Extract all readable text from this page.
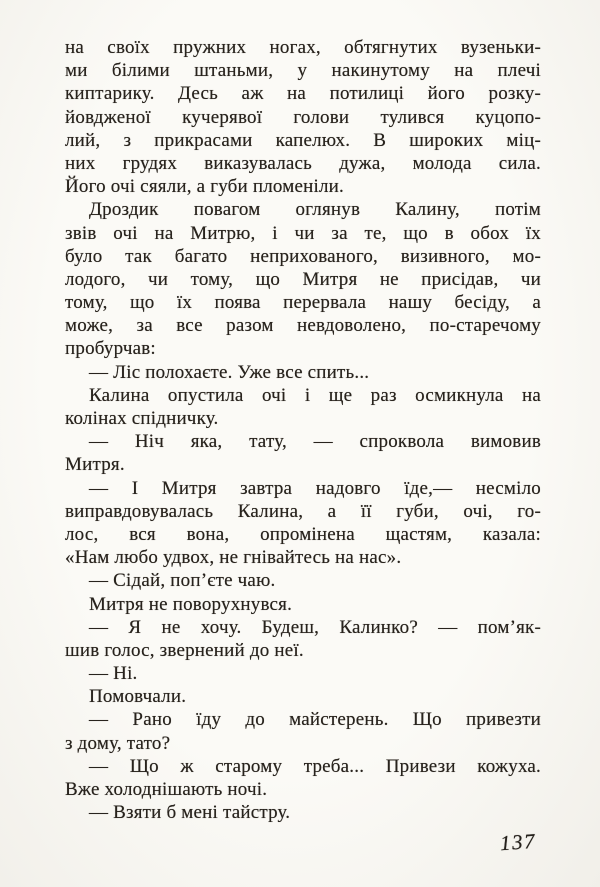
на своїх пружних ногах, обтягнутих вузеньки-
ми білими штаньми, у накинутому на плечі
киптарику. Десь аж на потилиці його розку-
йовдженої кучерявої голови тулився куцопо-
лий, з прикрасами капелюх. В широких міц-
них грудях виказувалась дужа, молода сила.
Його очі сяяли, а губи пломеніли.
Дроздик повагом оглянув Калину, потім
звів очі на Митрю, і чи за те, що в обох їх
було так багато неприхованого, визивного, мо-
лодого, чи тому, що Митря не присідав, чи
тому, що їх поява перервала нашу бесіду, а
може, за все разом невдоволено, по-старечому
пробурчав:
— Ліс полохаєте. Уже все спить...
Калина опустила очі і ще раз осмикнула на
колінах спідничку.
— Ніч яка, тату, — спроквола вимовив
Митря.
— І Митря завтра надовго їде,— несміло
виправдовувалась Калина, а її губи, очі, го-
лос, вся вона, опромінена щастям, казала:
«Нам любо удвох, не гнівайтесь на нас».
— Сідай, поп’єте чаю.
Митря не поворухнувся.
— Я не хочу. Будеш, Калинко? — пом’як-
шив голос, звернений до неї.
— Ні.
Помовчали.
— Рано їду до майстерень. Що привезти
з дому, тато?
— Що ж старому треба... Привези кожуха.
Вже холоднішають ночі.
— Взяти б мені тайстру.
137
